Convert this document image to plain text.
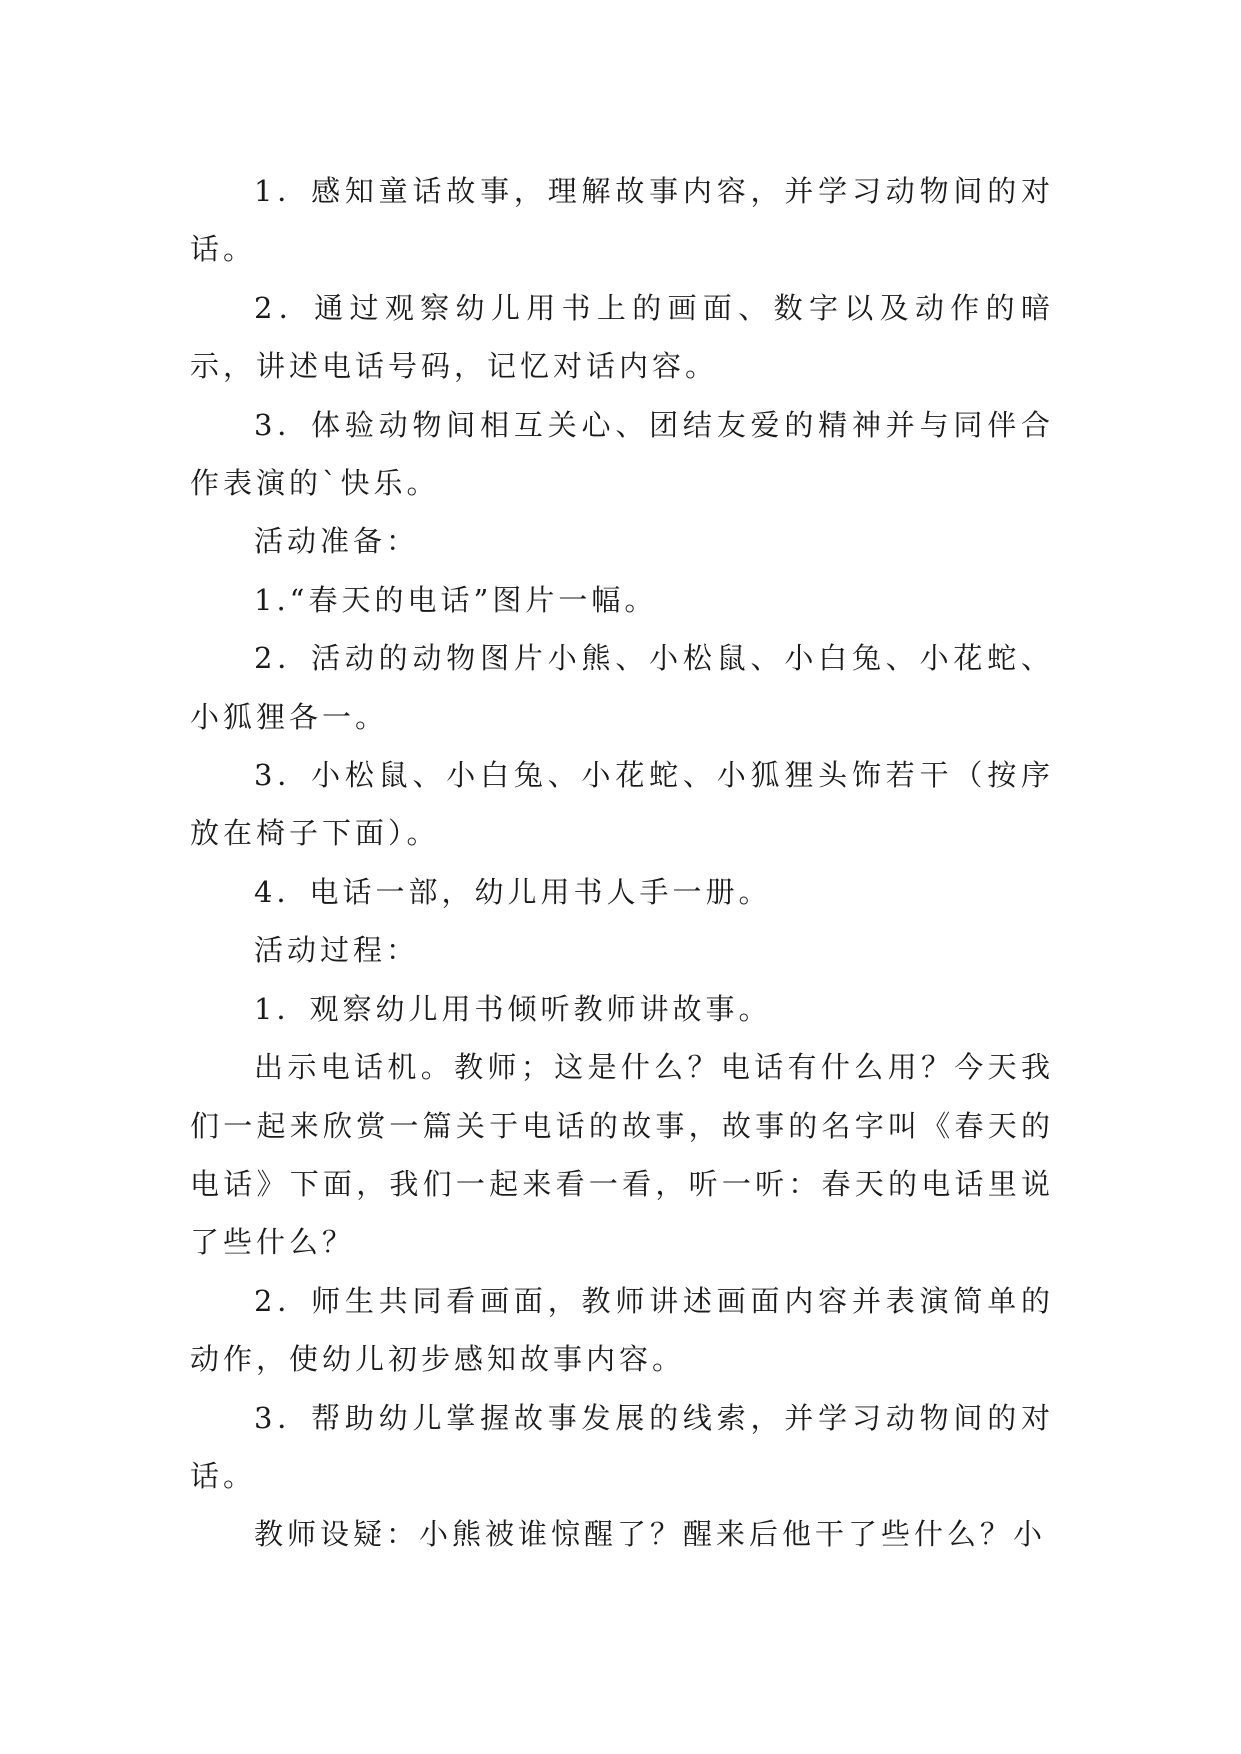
1．感知童话故事，理解故事内容，并学习动物间的对话。

2．通过观察幼儿用书上的画面、数字以及动作的暗示，讲述电话号码，记忆对话内容。

3．体验动物间相互关心、团结友爱的精神并与同伴合作表演的`快乐。

活动准备：

1.“春天的电话”图片一幅。

2．活动的动物图片小熊、小松鼠、小白兔、小花蛇、小狐狸各一。

3．小松鼠、小白兔、小花蛇、小狐狸头饰若干（按序放在椅子下面）。

4．电话一部，幼儿用书人手一册。

活动过程：

1．观察幼儿用书倾听教师讲故事。

出示电话机。教师；这是什么？电话有什么用？今天我们一起来欣赏一篇关于电话的故事，故事的名字叫《春天的电话》下面，我们一起来看一看，听一听：春天的电话里说了些什么？

2．师生共同看画面，教师讲述画面内容并表演简单的动作，使幼儿初步感知故事内容。

3．帮助幼儿掌握故事发展的线索，并学习动物间的对话。

教师设疑：小熊被谁惊醒了？醒来后他干了些什么？小
